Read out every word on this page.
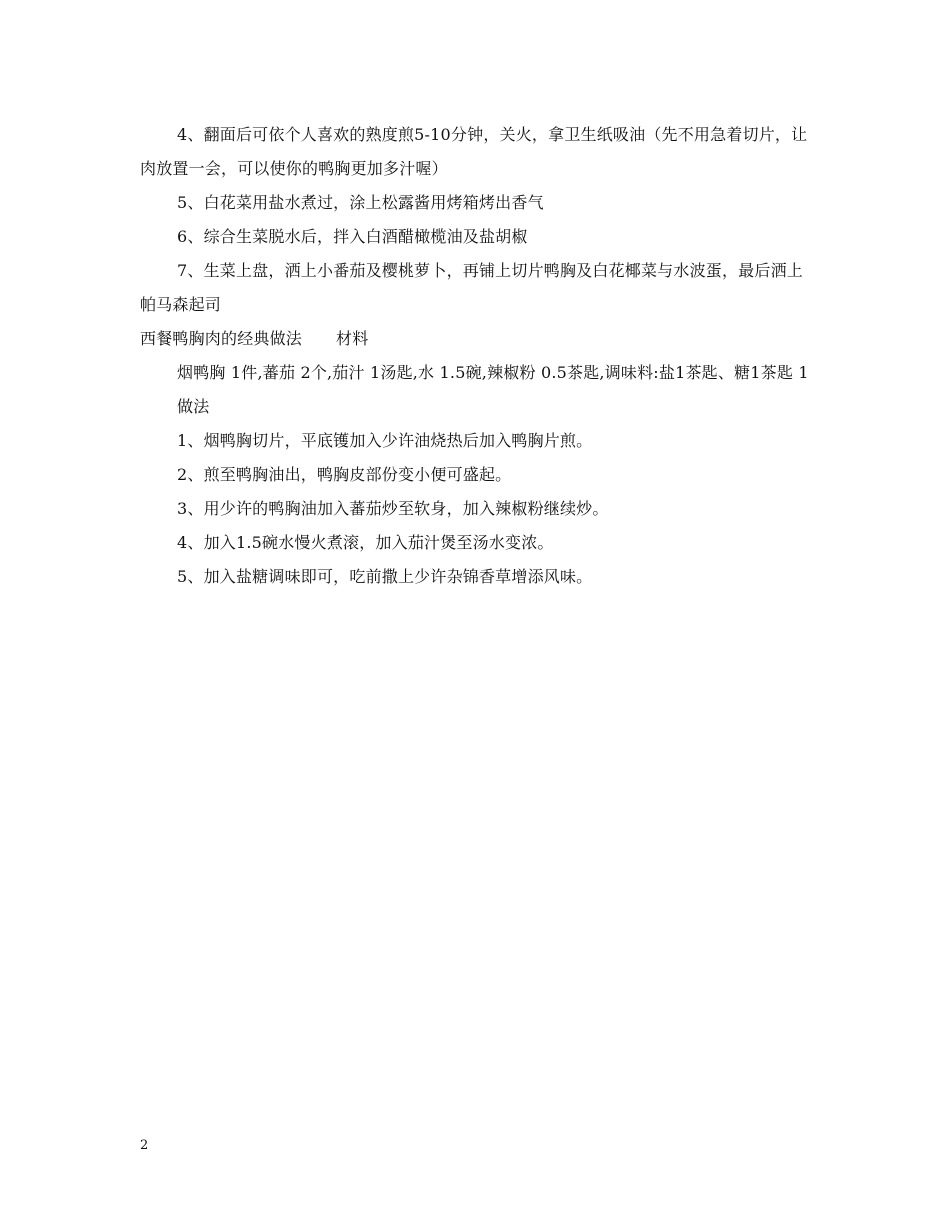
4、翻面后可依个人喜欢的熟度煎5-10分钟，关火，拿卫生纸吸油（先不用急着切片，让肉放置一会，可以使你的鸭胸更加多汁喔）

5、白花菜用盐水煮过，涂上松露酱用烤箱烤出香气

6、综合生菜脱水后，拌入白酒醋橄榄油及盐胡椒

7、生菜上盘，洒上小番茄及樱桃萝卜，再铺上切片鸭胸及白花椰菜与水波蛋，最后洒上帕马森起司

西餐鸭胸肉的经典做法 材料

烟鸭胸 1件,蕃茄 2个,茄汁 1汤匙,水 1.5碗,辣椒粉 0.5茶匙,调味料:盐1茶匙、糖1茶匙 1

做法

1、烟鸭胸切片，平底镬加入少许油烧热后加入鸭胸片煎。

2、煎至鸭胸油出，鸭胸皮部份变小便可盛起。

3、用少许的鸭胸油加入蕃茄炒至软身，加入辣椒粉继续炒。

4、加入1.5碗水慢火煮滚，加入茄汁煲至汤水变浓。

5、加入盐糖调味即可，吃前撒上少许杂锦香草增添风味。

2
